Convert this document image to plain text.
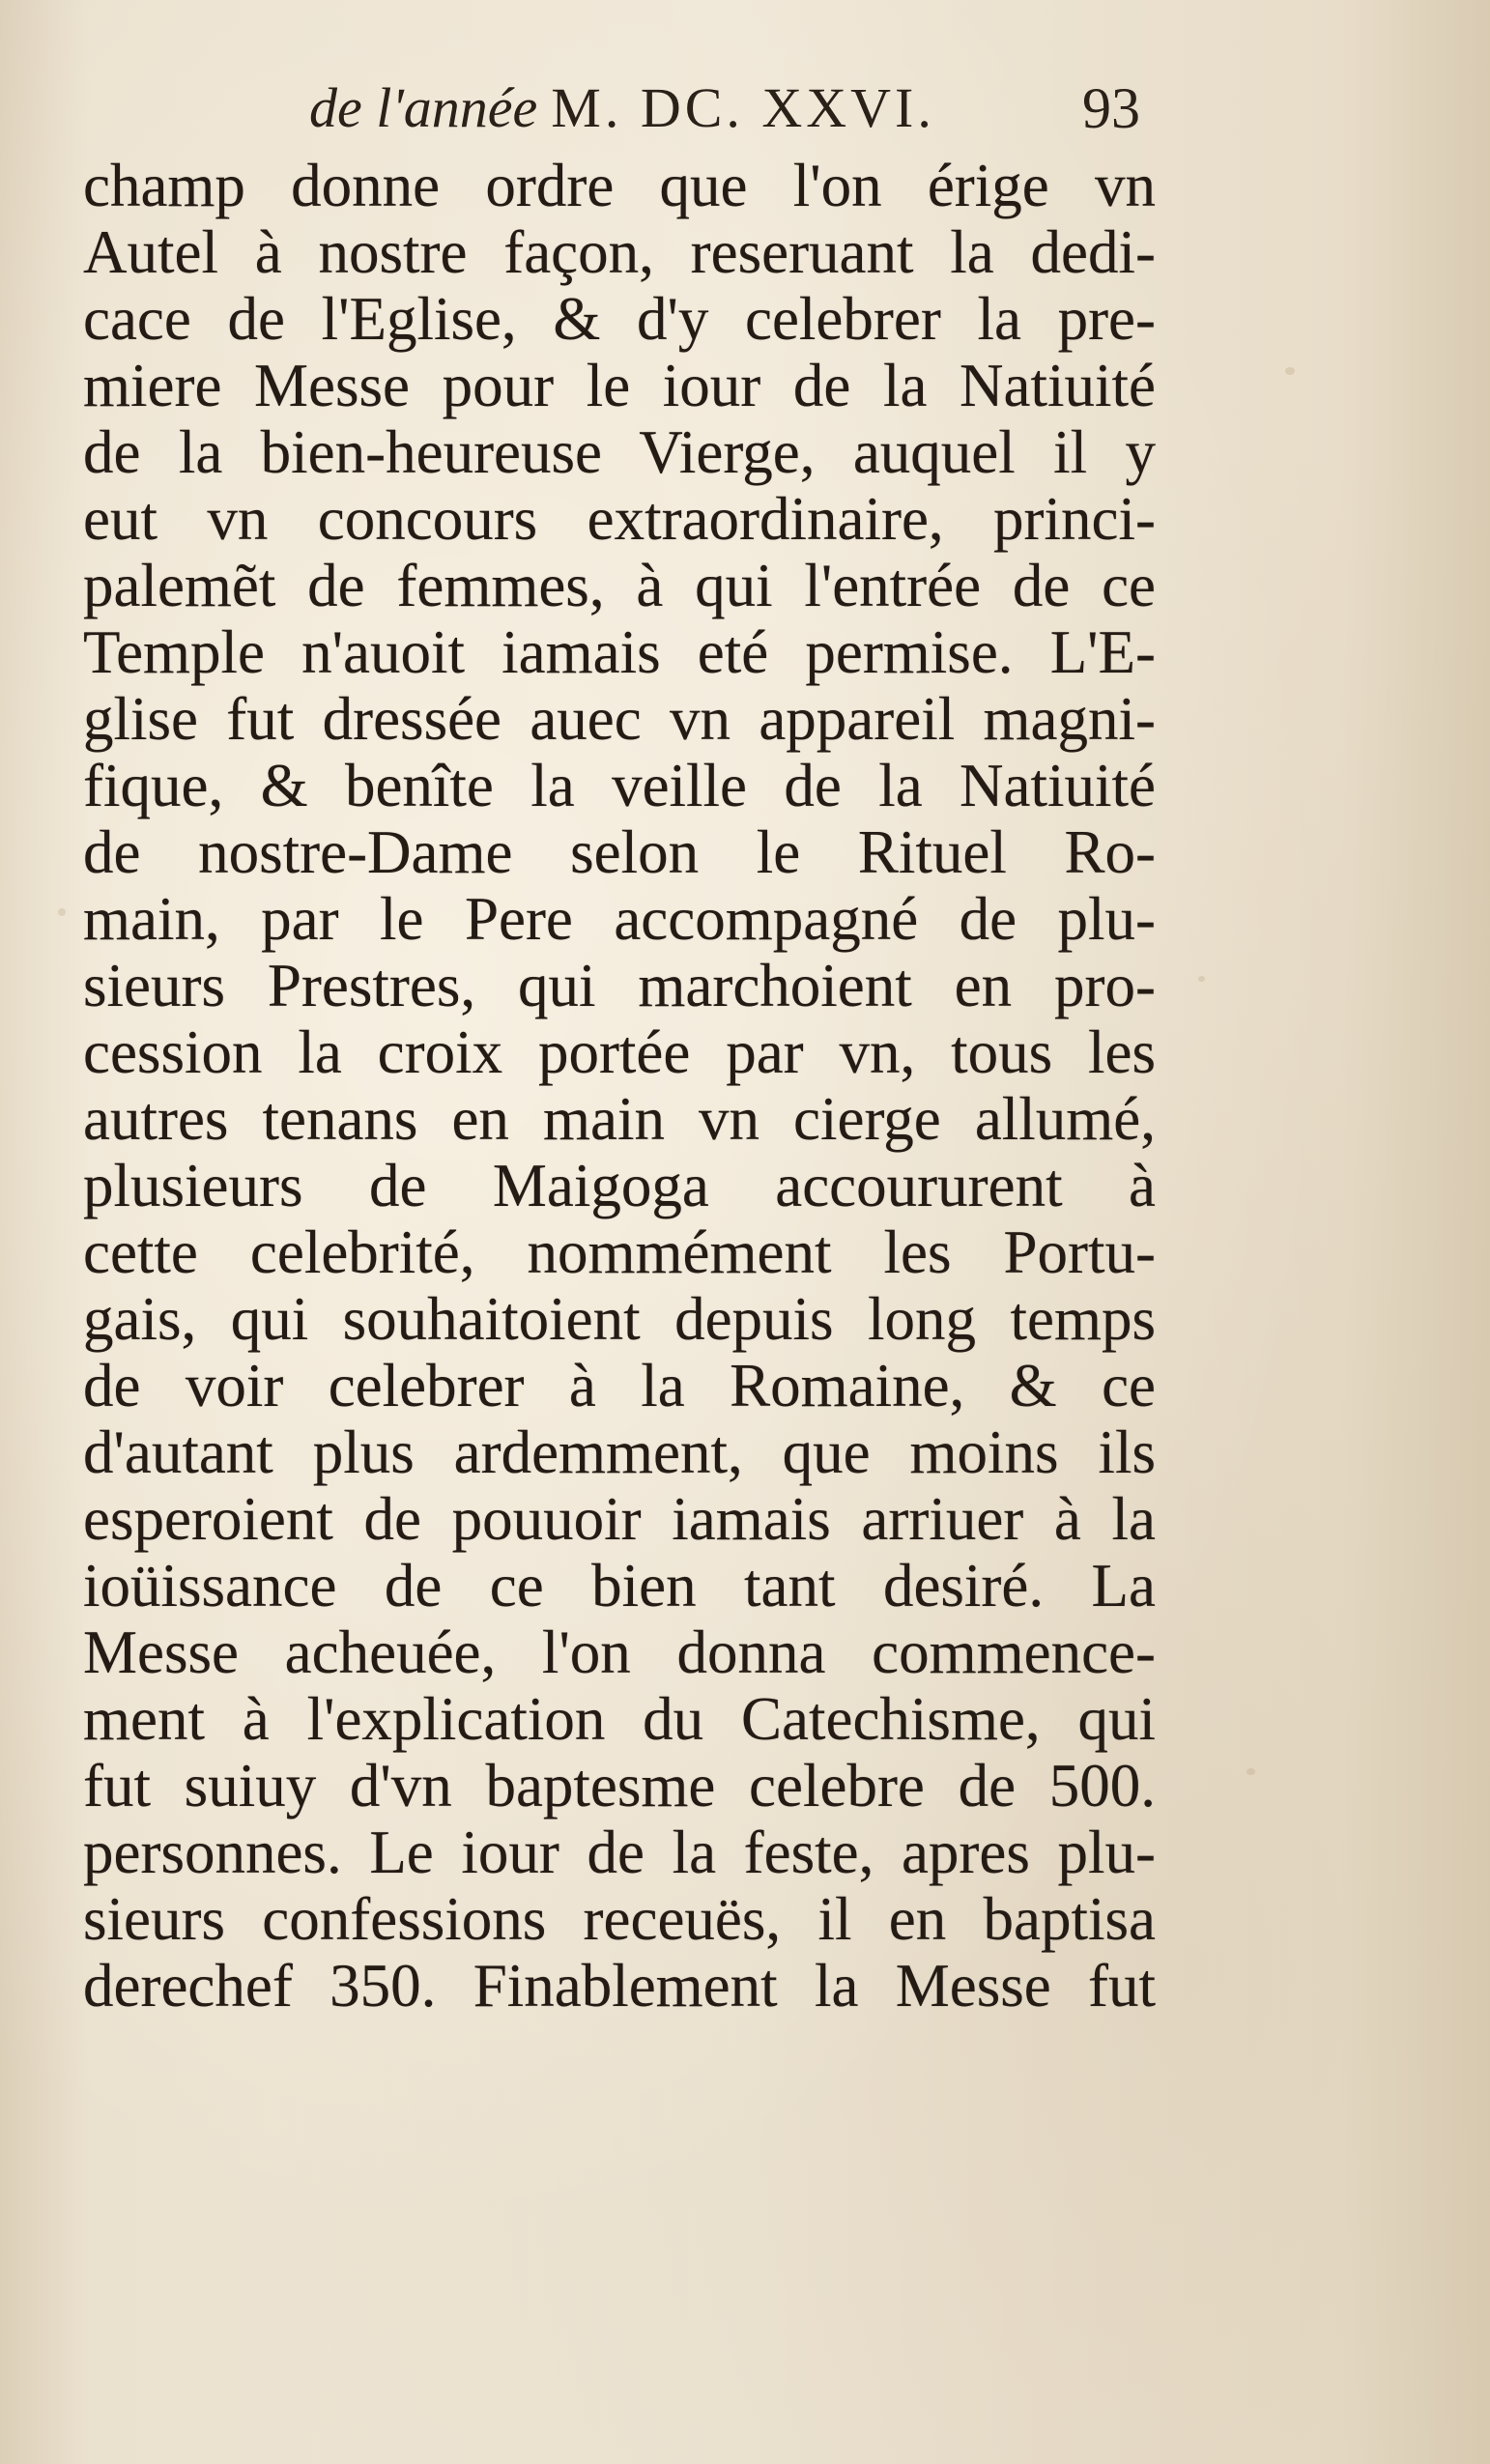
de l'année M. DC. XXVI.	93
champ donne ordre que l'on érige vn
Autel à nostre façon, reseruant la dedi-
cace de l'Eglise, & d'y celebrer la pre-
miere Messe pour le iour de la Natiuité
de la bien-heureuse Vierge, auquel il y
eut vn concours extraordinaire, princi-
palemẽt de femmes, à qui l'entrée de ce
Temple n'auoit iamais eté permise. L'E-
glise fut dressée auec vn appareil magni-
fique, & benîte la veille de la Natiuité
de nostre-Dame selon le Rituel Ro-
main, par le Pere accompagné de plu-
sieurs Prestres, qui marchoient en pro-
cession la croix portée par vn, tous les
autres tenans en main vn cierge allumé,
plusieurs de Maigoga accoururent à
cette celebrité, nommément les Portu-
gais, qui souhaitoient depuis long temps
de voir celebrer à la Romaine, & ce
d'autant plus ardemment, que moins ils
esperoient de pouuoir iamais arriuer à la
ioüissance de ce bien tant desiré. La
Messe acheuée, l'on donna commence-
ment à l'explication du Catechisme, qui
fut suiuy d'vn baptesme celebre de 500.
personnes. Le iour de la feste, apres plu-
sieurs confessions receuës, il en baptisa
derechef 350. Finablement la Messe fut
